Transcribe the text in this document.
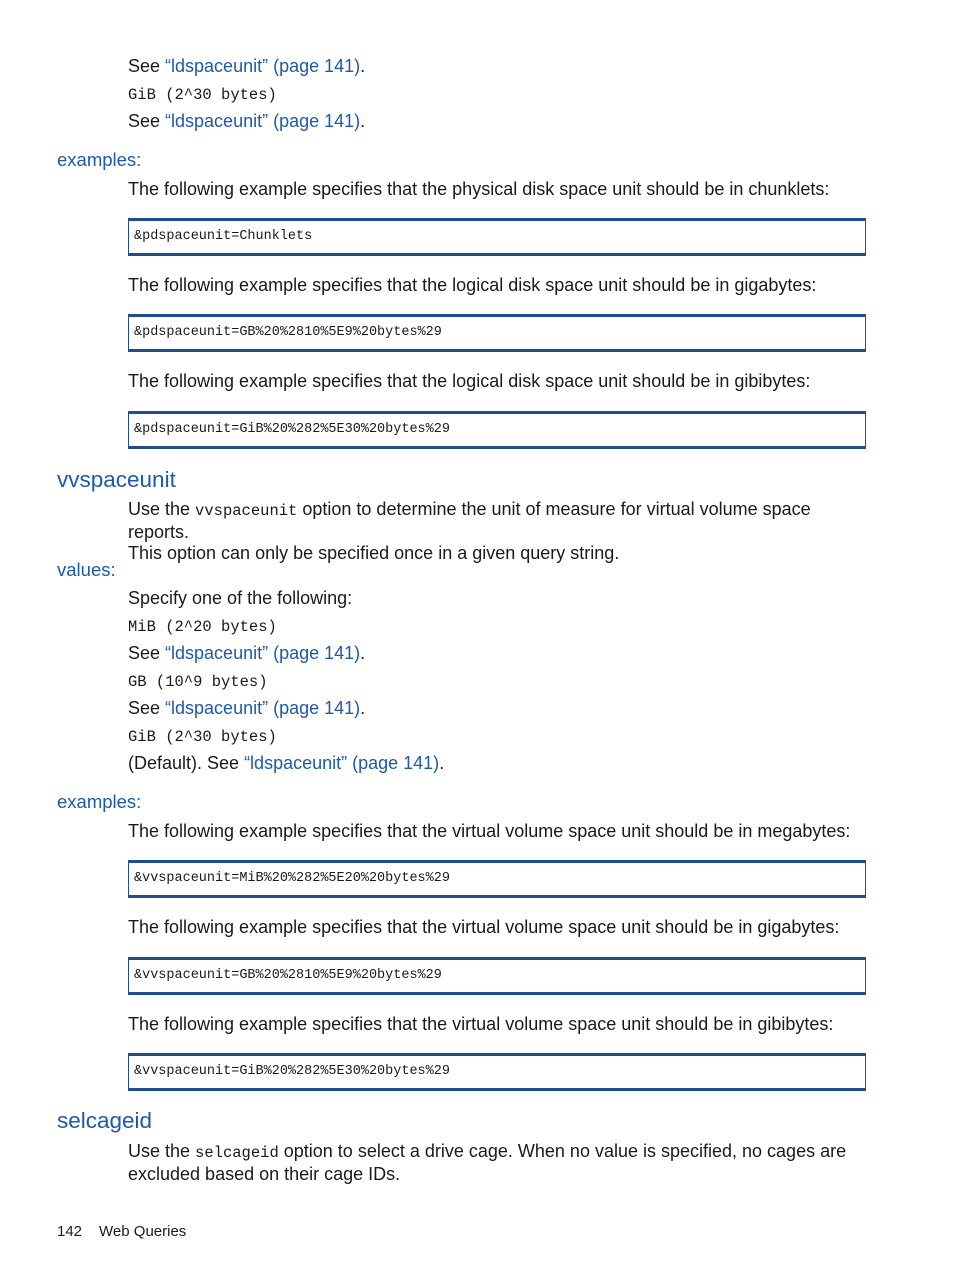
See “ldspaceunit” (page 141).
GiB (2^30 bytes)
See “ldspaceunit” (page 141).
examples:
The following example specifies that the physical disk space unit should be in chunklets:
&pdspaceunit=Chunklets
The following example specifies that the logical disk space unit should be in gigabytes:
&pdspaceunit=GB%20%2810%5E9%20bytes%29
The following example specifies that the logical disk space unit should be in gibibytes:
&pdspaceunit=GiB%20%282%5E30%20bytes%29
vvspaceunit
Use the vvspaceunit option to determine the unit of measure for virtual volume space reports.
This option can only be specified once in a given query string.
values:
Specify one of the following:
MiB (2^20 bytes)
See “ldspaceunit” (page 141).
GB (10^9 bytes)
See “ldspaceunit” (page 141).
GiB (2^30 bytes)
(Default). See “ldspaceunit” (page 141).
examples:
The following example specifies that the virtual volume space unit should be in megabytes:
&vvspaceunit=MiB%20%282%5E20%20bytes%29
The following example specifies that the virtual volume space unit should be in gigabytes:
&vvspaceunit=GB%20%2810%5E9%20bytes%29
The following example specifies that the virtual volume space unit should be in gibibytes:
&vvspaceunit=GiB%20%282%5E30%20bytes%29
selcageid
Use the selcageid option to select a drive cage. When no value is specified, no cages are
excluded based on their cage IDs.
142 Web Queries
